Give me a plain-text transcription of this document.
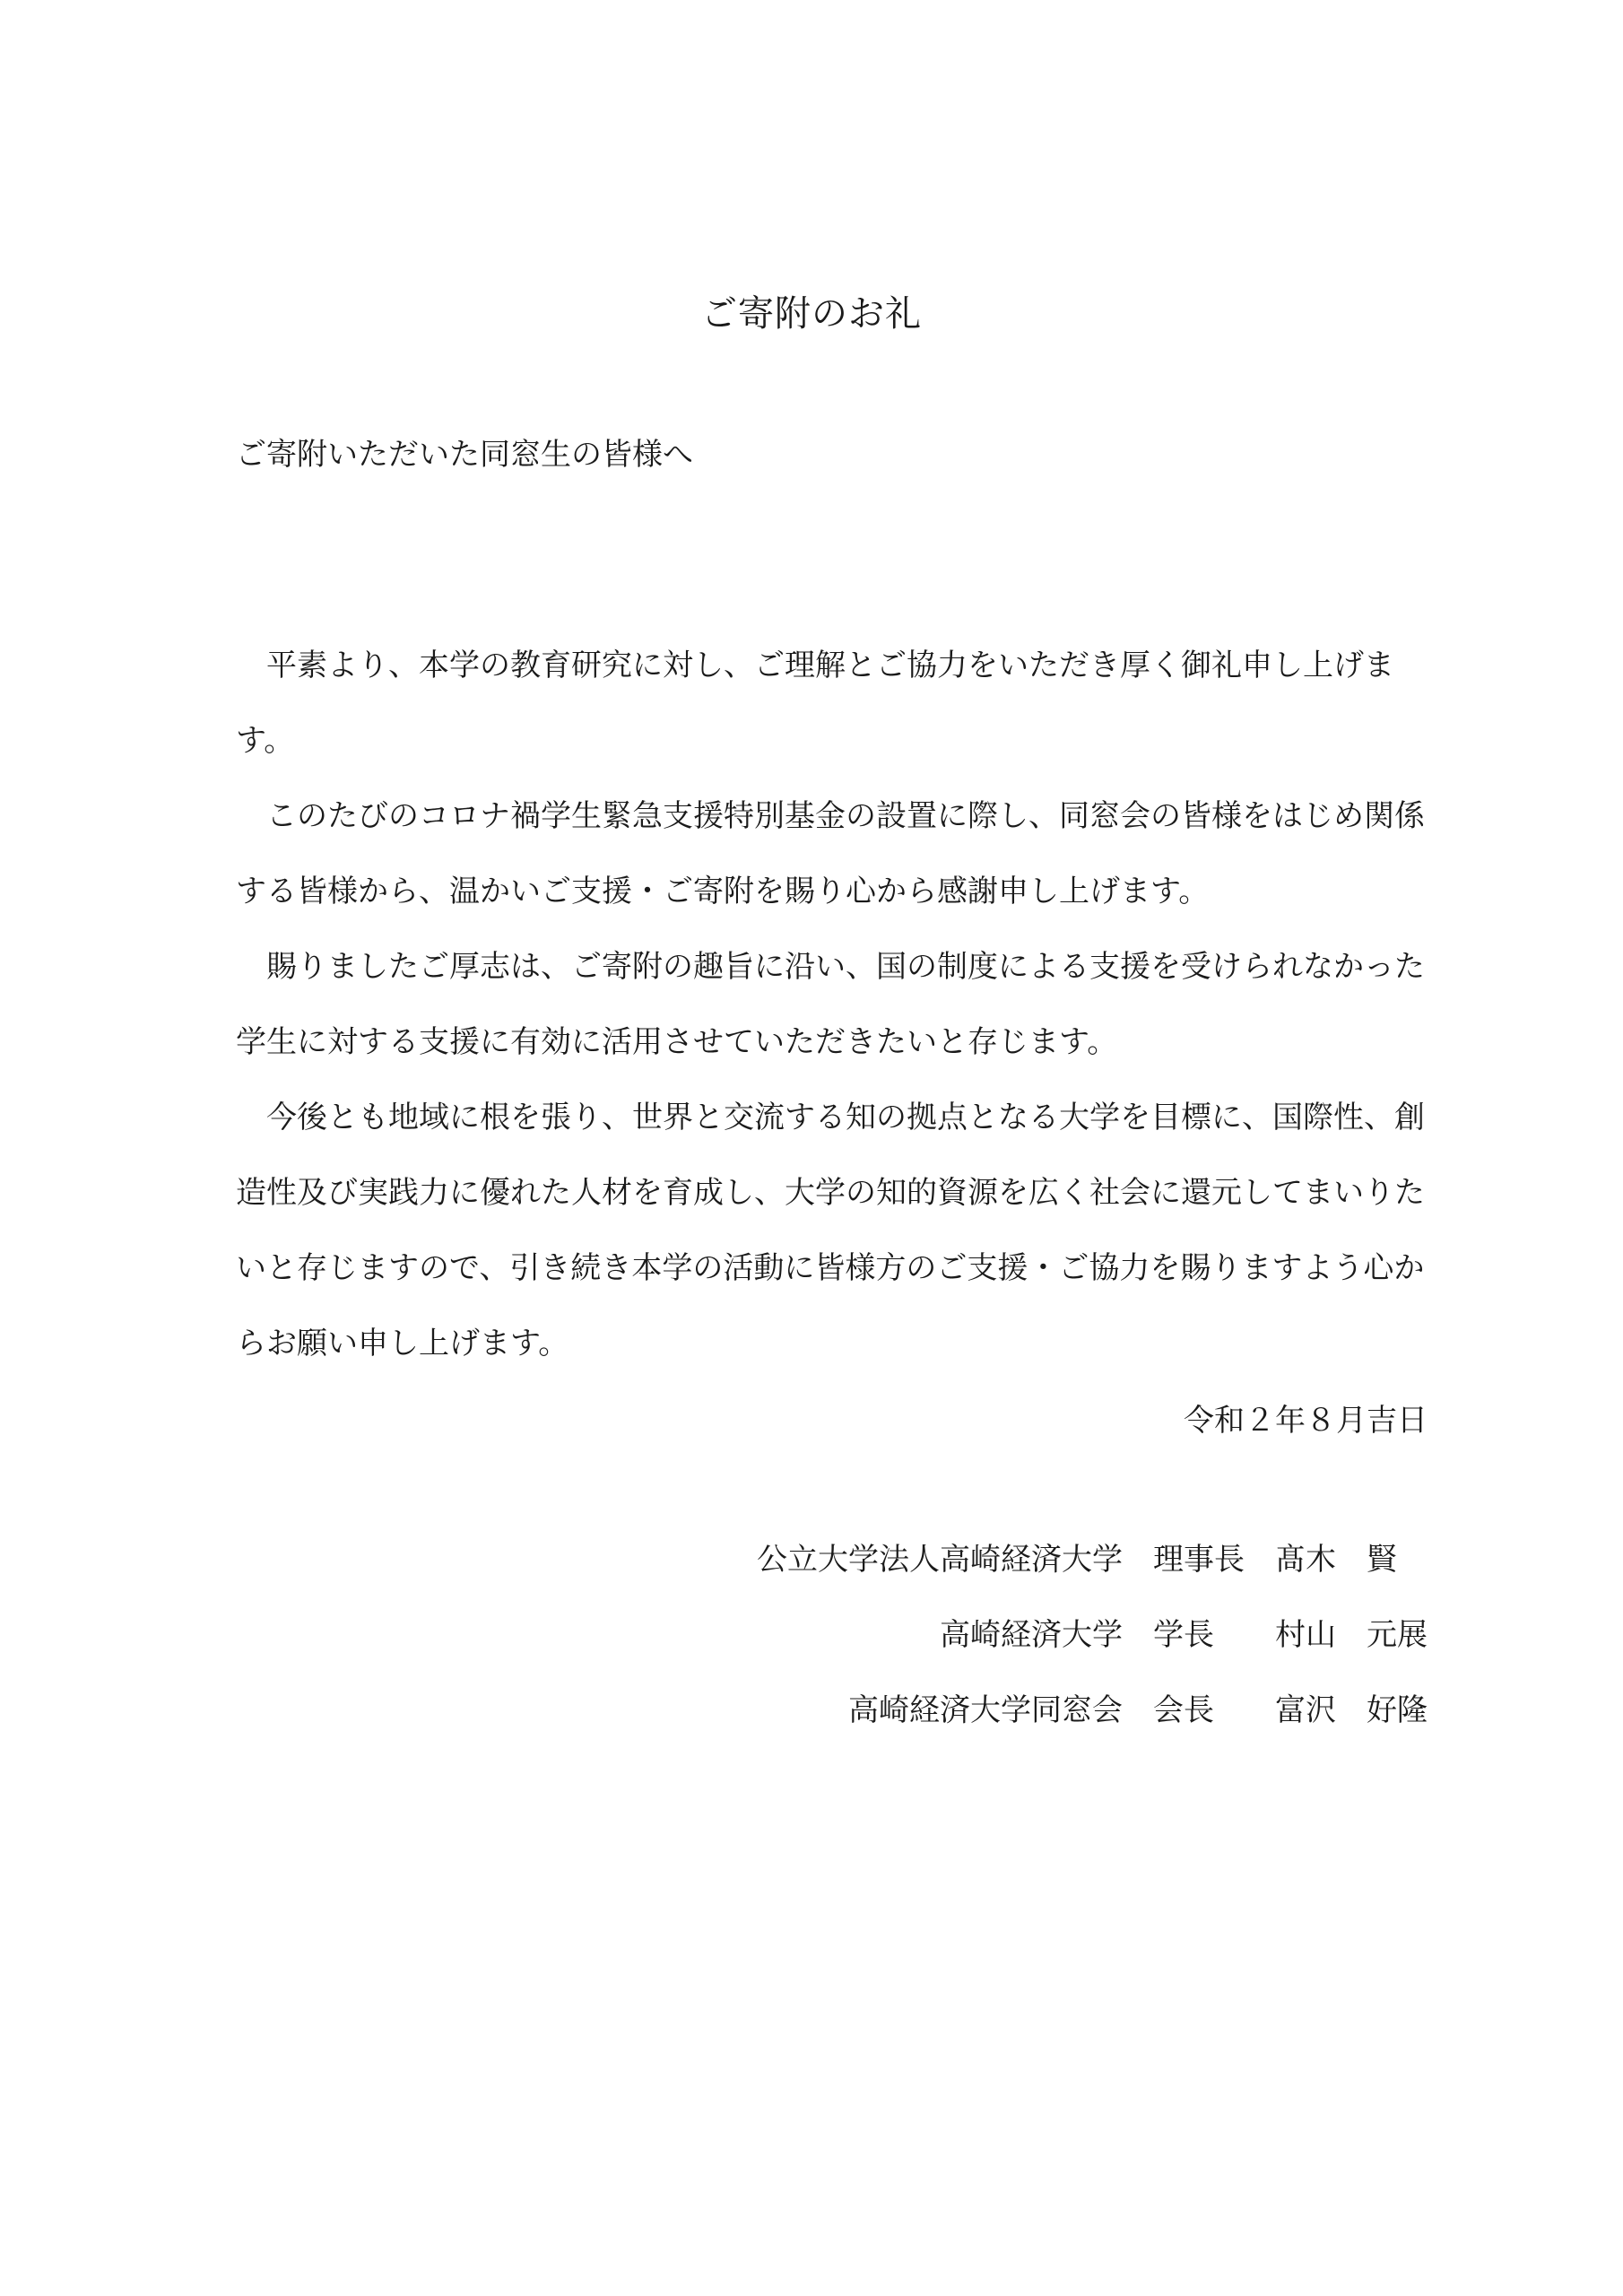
ご寄附のお礼
ご寄附いただいた同窓生の皆様へ

平素より、本学の教育研究に対し、ご理解とご協力をいただき厚く御礼申し上げます。

このたびのコロナ禍学生緊急支援特別基金の設置に際し、同窓会の皆様をはじめ関係する皆様から、温かいご支援・ご寄附を賜り心から感謝申し上げます。

賜りましたご厚志は、ご寄附の趣旨に沿い、国の制度による支援を受けられなかった学生に対する支援に有効に活用させていただきたいと存じます。

今後とも地域に根を張り、世界と交流する知の拠点となる大学を目標に、国際性、創造性及び実践力に優れた人材を育成し、大学の知的資源を広く社会に還元してまいりたいと存じますので、引き続き本学の活動に皆様方のご支援・ご協力を賜りますよう心からお願い申し上げます。

令和２年８月吉日
公立大学法人高崎経済大学 理事長	髙木　賢
高崎経済大学 学長	村山　元展
高崎経済大学同窓会 会長	富沢　好隆
